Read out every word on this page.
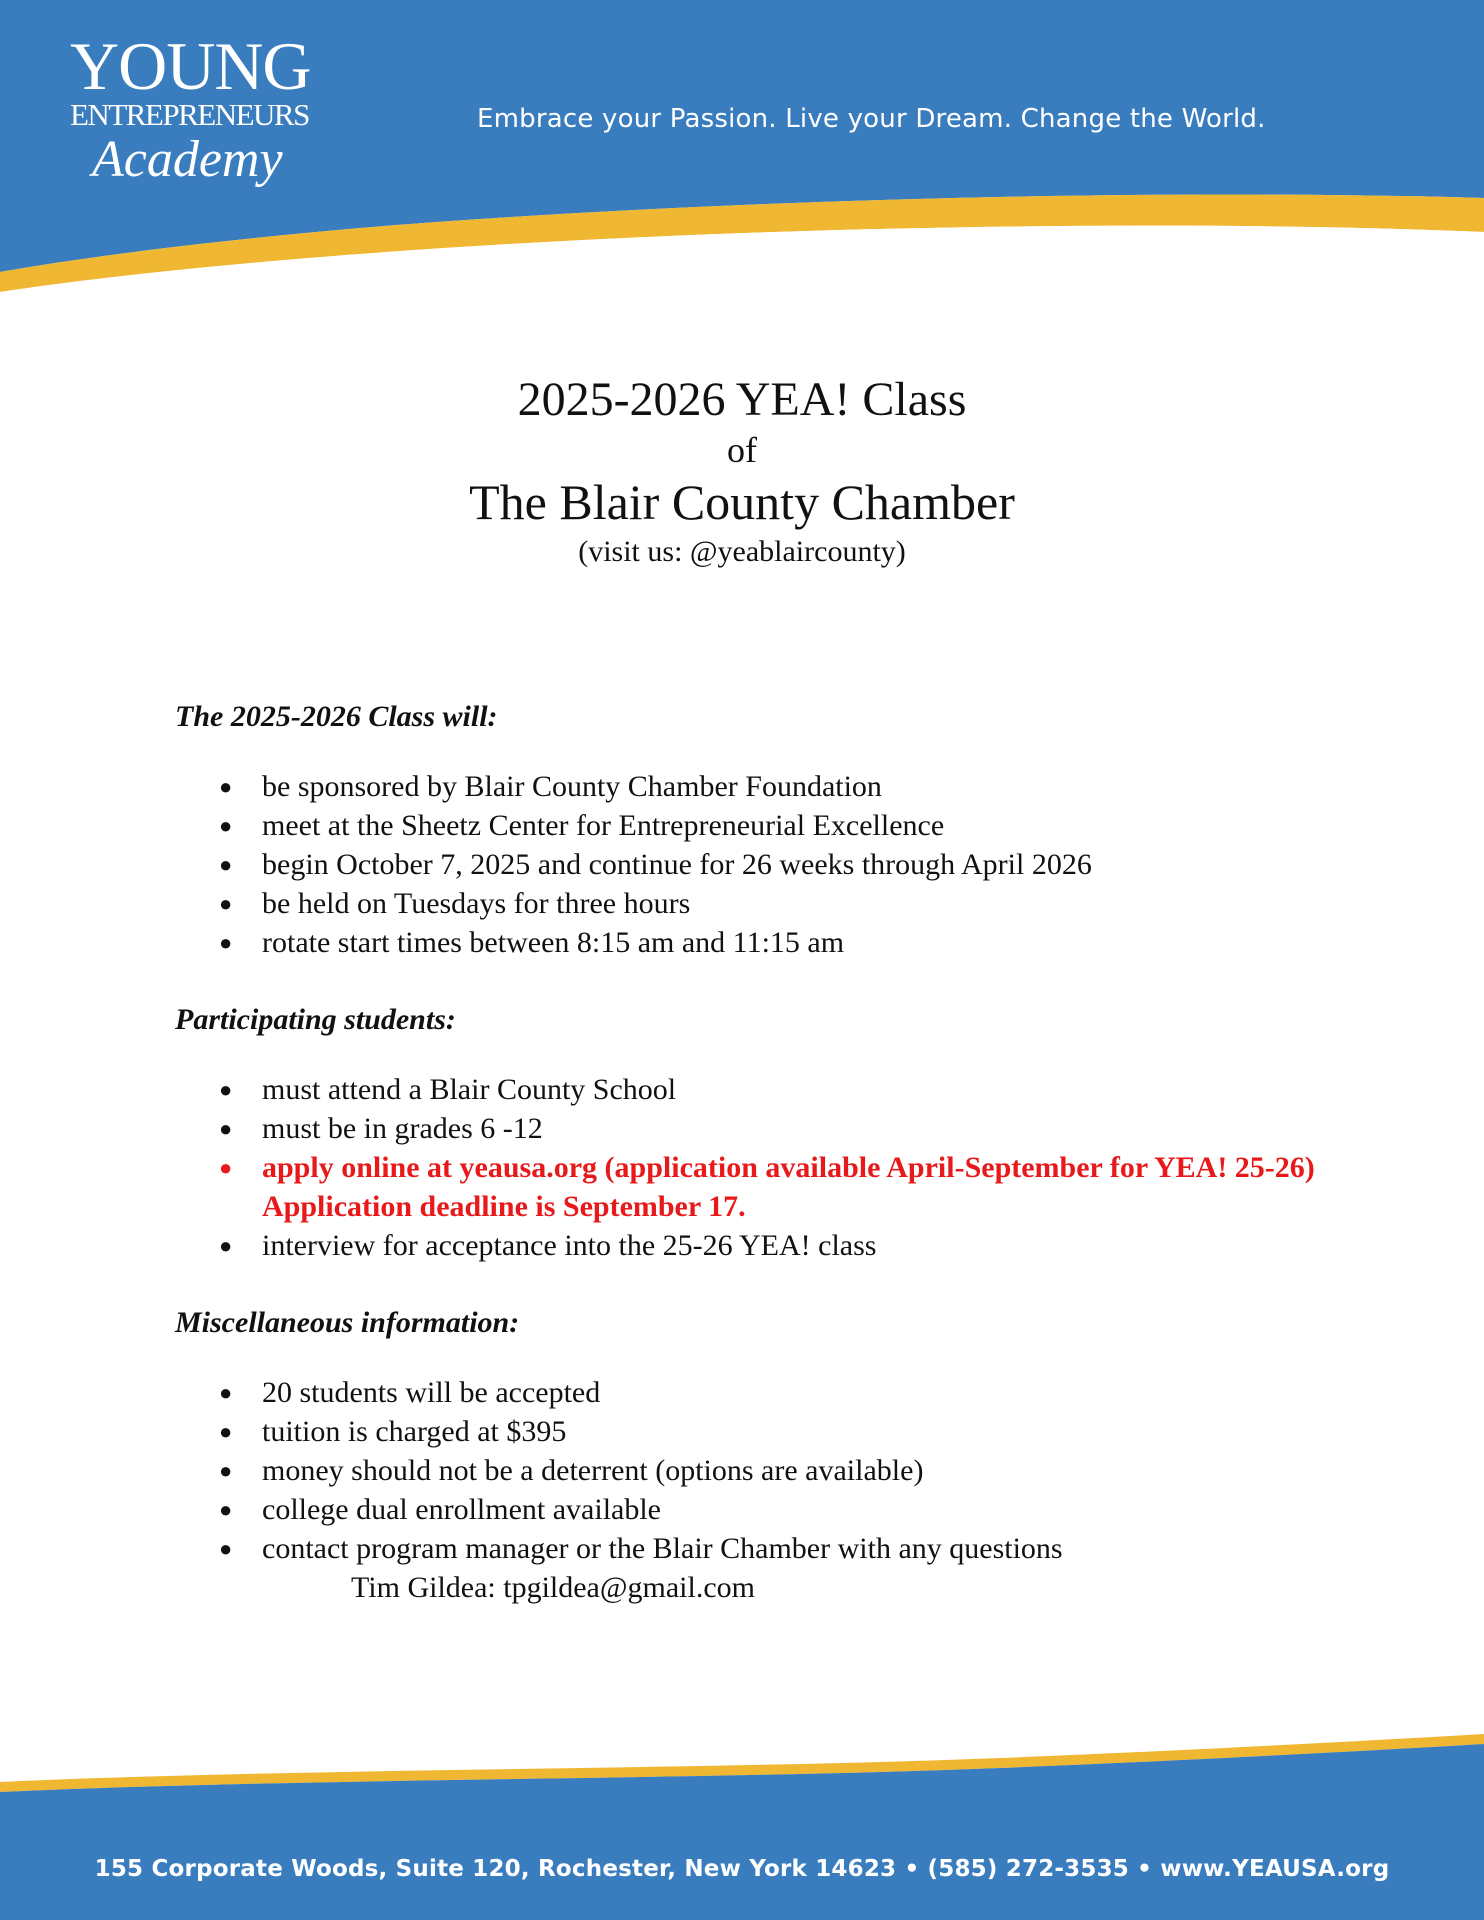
YOUNG
ENTREPRENEURS
Academy
Embrace your Passion. Live your Dream. Change the World.
2025-2026 YEA! Class
of
The Blair County Chamber
(visit us: @yeablaircounty)
The 2025-2026 Class will:
● be sponsored by Blair County Chamber Foundation
● meet at the Sheetz Center for Entrepreneurial Excellence
● begin October 7, 2025 and continue for 26 weeks through April 2026
● be held on Tuesdays for three hours
● rotate start times between 8:15 am and 11:15 am
Participating students:
● must attend a Blair County School
● must be in grades 6 -12
● apply online at yeausa.org (application available April-September for YEA! 25-26) Application deadline is September 17.
● interview for acceptance into the 25-26 YEA! class
Miscellaneous information:
● 20 students will be accepted
● tuition is charged at $395
● money should not be a deterrent (options are available)
● college dual enrollment available
● contact program manager or the Blair Chamber with any questions
Tim Gildea: tpgildea@gmail.com
155 Corporate Woods, Suite 120, Rochester, New York 14623 • (585) 272-3535 • www.YEAUSA.org
